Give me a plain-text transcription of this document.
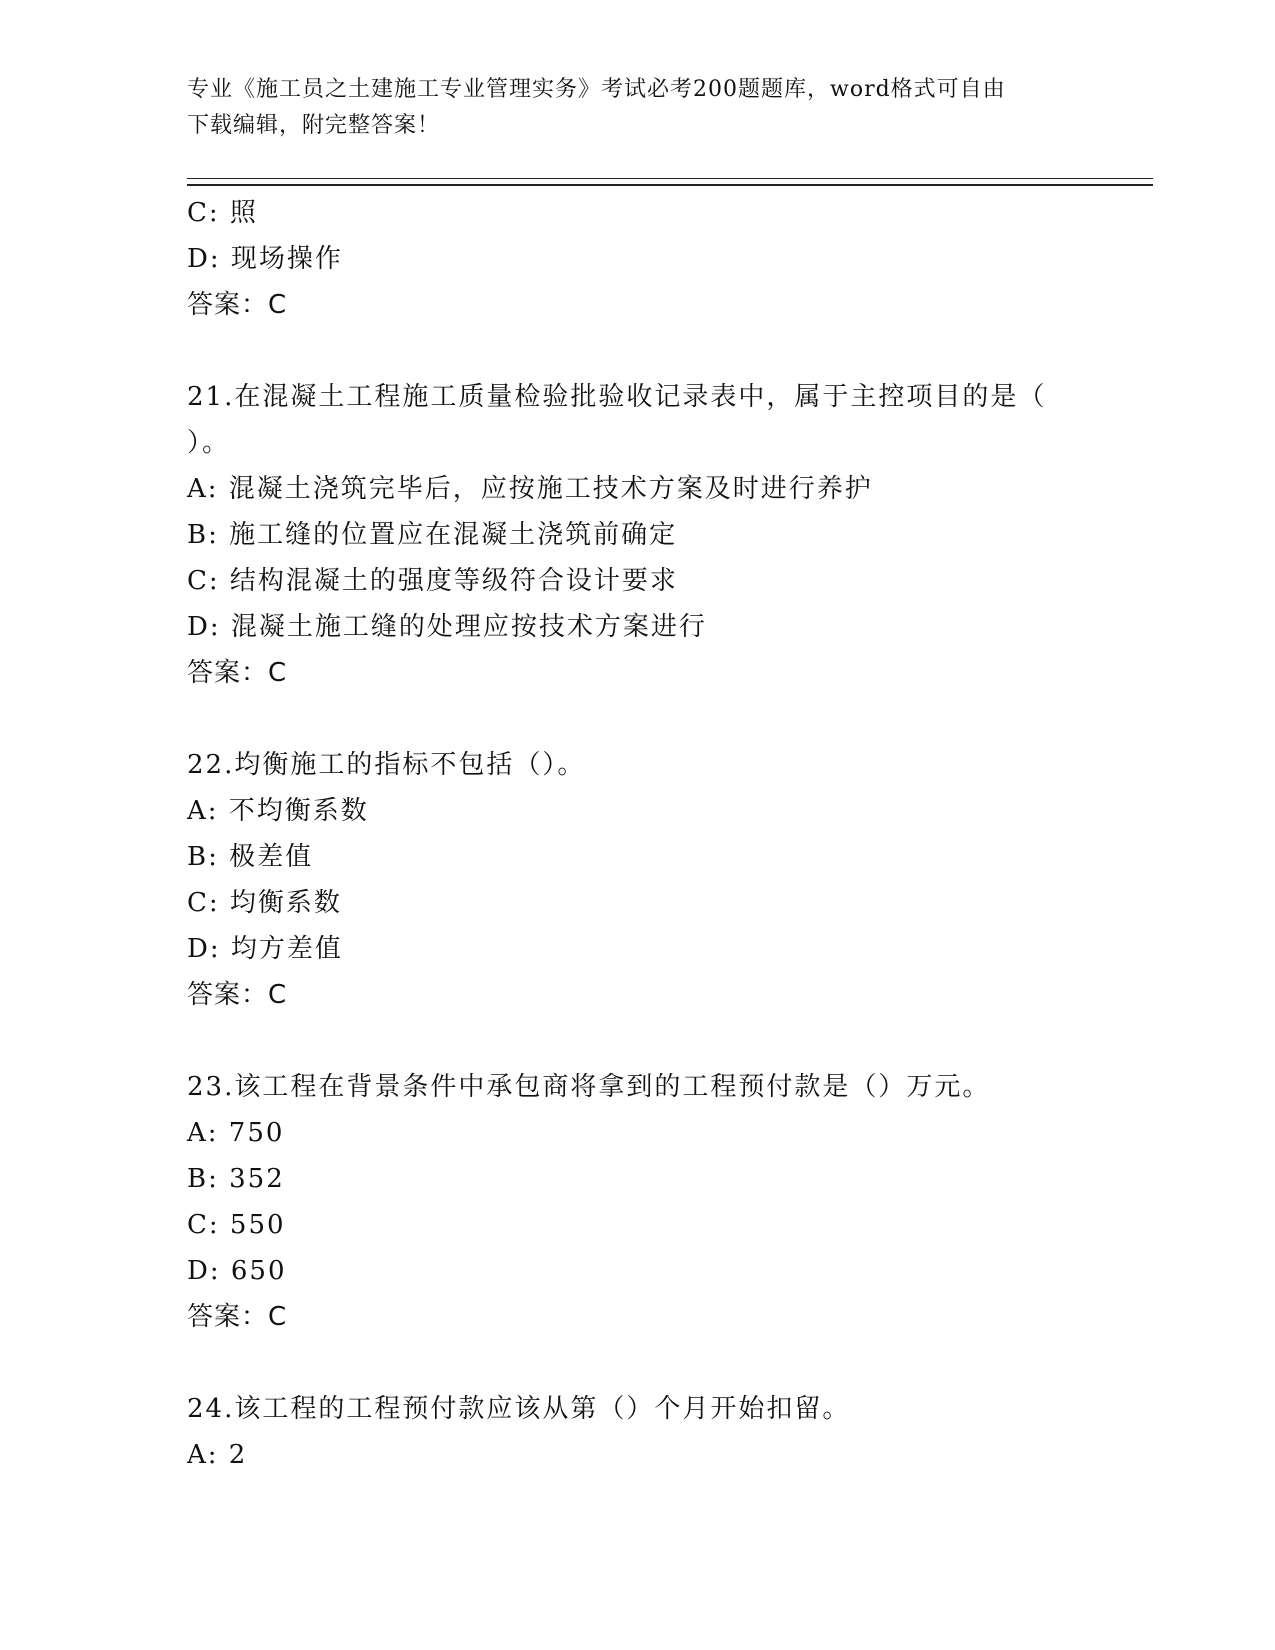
专业《施工员之土建施工专业管理实务》考试必考200题题库，word格式可自由
下载编辑，附完整答案！
C: 照
D: 现场操作
答案：C
21.在混凝土工程施工质量检验批验收记录表中，属于主控项目的是（
）。
A: 混凝土浇筑完毕后，应按施工技术方案及时进行养护
B: 施工缝的位置应在混凝土浇筑前确定
C: 结构混凝土的强度等级符合设计要求
D: 混凝土施工缝的处理应按技术方案进行
答案：C
22.均衡施工的指标不包括（）。
A: 不均衡系数
B: 极差值
C: 均衡系数
D: 均方差值
答案：C
23.该工程在背景条件中承包商将拿到的工程预付款是（）万元。
A: 750
B: 352
C: 550
D: 650
答案：C
24.该工程的工程预付款应该从第（）个月开始扣留。
A: 2
